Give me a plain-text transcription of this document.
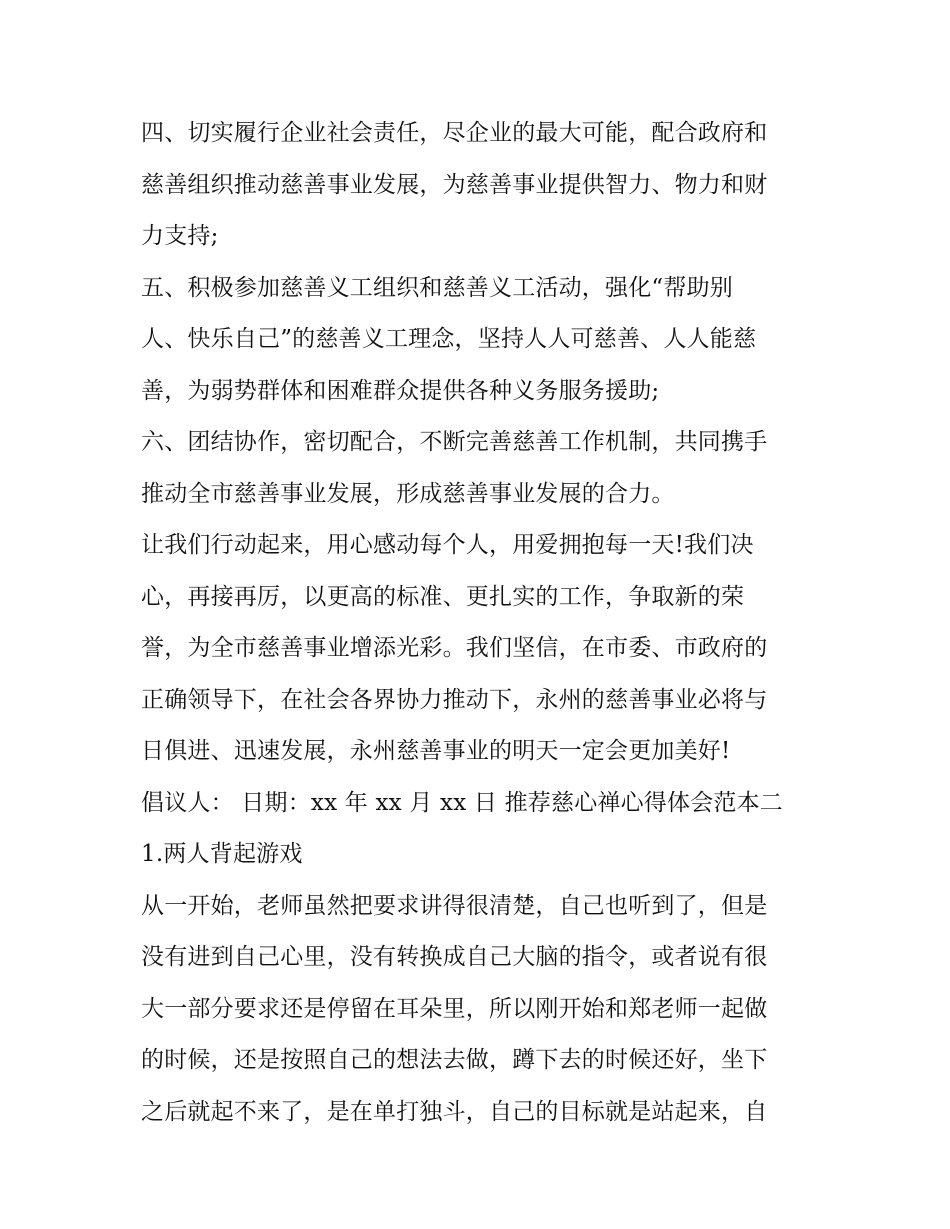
四、切实履行企业社会责任，尽企业的最大可能，配合政府和
慈善组织推动慈善事业发展，为慈善事业提供智力、物力和财
力支持;
五、积极参加慈善义工组织和慈善义工活动，强化“帮助别
人、快乐自己”的慈善义工理念，坚持人人可慈善、人人能慈
善，为弱势群体和困难群众提供各种义务服务援助;
六、团结协作，密切配合，不断完善慈善工作机制，共同携手
推动全市慈善事业发展，形成慈善事业发展的合力。
让我们行动起来，用心感动每个人，用爱拥抱每一天!我们决
心，再接再厉，以更高的标准、更扎实的工作，争取新的荣
誉，为全市慈善事业增添光彩。我们坚信，在市委、市政府的
正确领导下，在社会各界协力推动下，永州的慈善事业必将与
日俱进、迅速发展，永州慈善事业的明天一定会更加美好!
倡议人： 日期：xx 年 xx 月 xx 日 推荐慈心禅心得体会范本二
1.两人背起游戏
从一开始，老师虽然把要求讲得很清楚，自己也听到了，但是
没有进到自己心里，没有转换成自己大脑的指令，或者说有很
大一部分要求还是停留在耳朵里，所以刚开始和郑老师一起做
的时候，还是按照自己的想法去做，蹲下去的时候还好，坐下
之后就起不来了，是在单打独斗，自己的目标就是站起来，自
